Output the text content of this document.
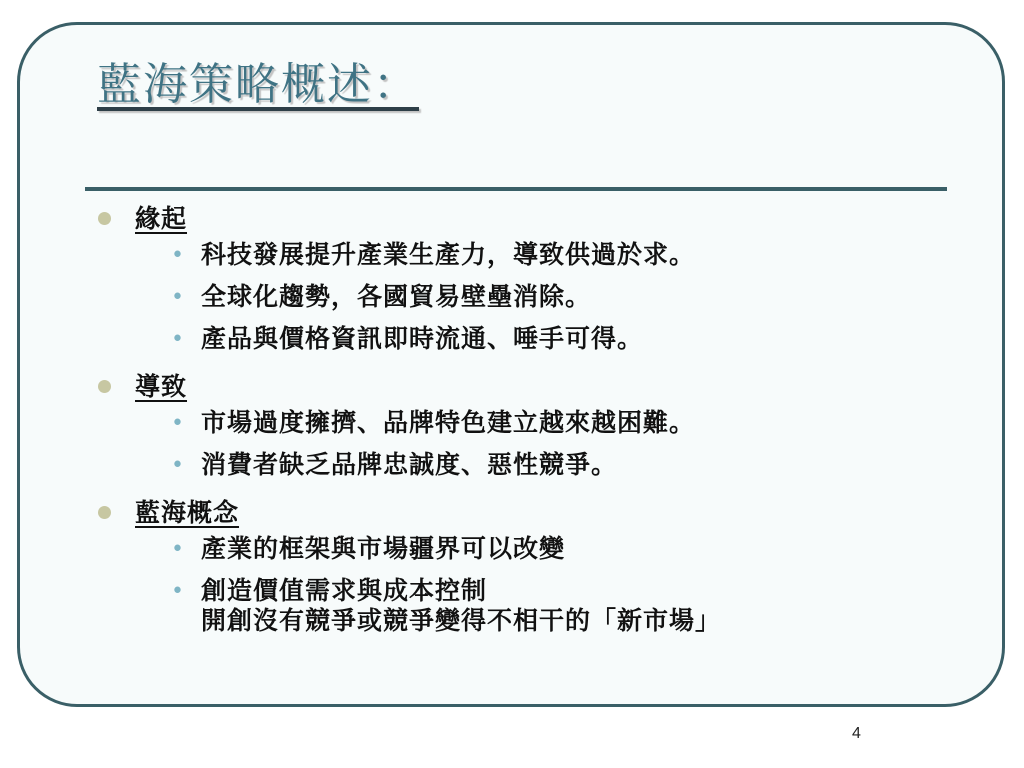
藍海策略概述：
緣起
• 科技發展提升產業生產力，導致供過於求。
• 全球化趨勢，各國貿易壁壘消除。
• 產品與價格資訊即時流通、唾手可得。
導致
• 市場過度擁擠、品牌特色建立越來越困難。
• 消費者缺乏品牌忠誠度、惡性競爭。
藍海概念
• 產業的框架與市場疆界可以改變
• 創造價值需求與成本控制
開創沒有競爭或競爭變得不相干的「新市場」
4
